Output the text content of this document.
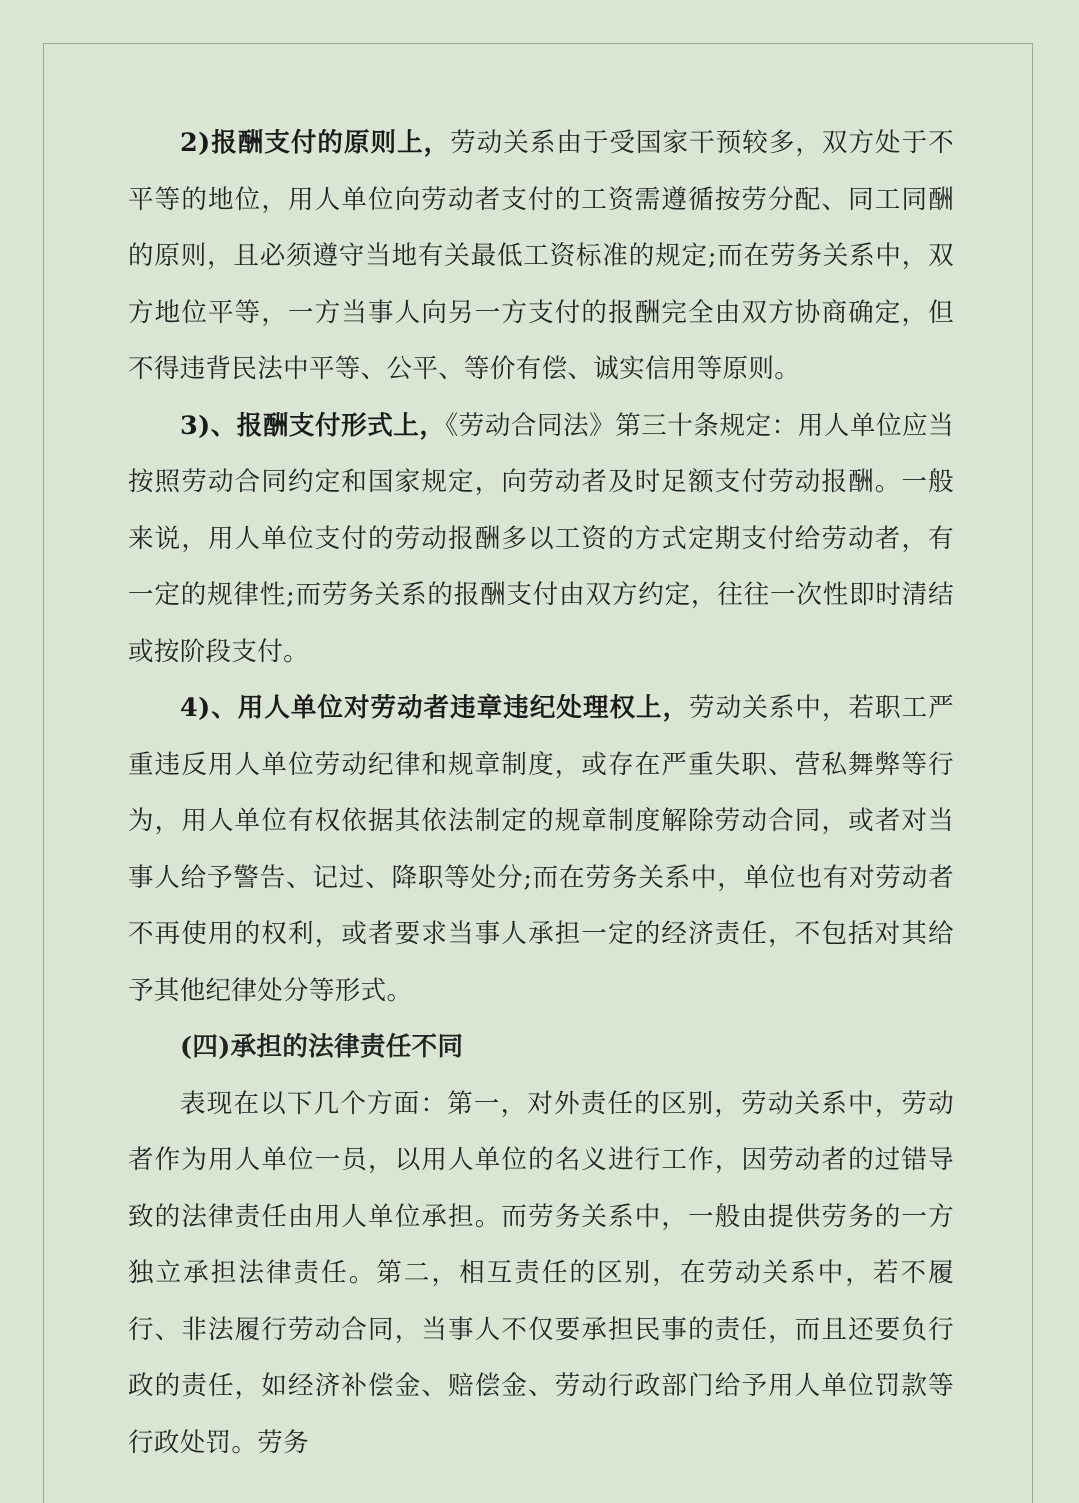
2)报酬支付的原则上，劳动关系由于受国家干预较多，双方处于不平等的地位，用人单位向劳动者支付的工资需遵循按劳分配、同工同酬的原则，且必须遵守当地有关最低工资标准的规定;而在劳务关系中，双方地位平等，一方当事人向另一方支付的报酬完全由双方协商确定，但不得违背民法中平等、公平、等价有偿、诚实信用等原则。

3)、报酬支付形式上，《劳动合同法》第三十条规定：用人单位应当按照劳动合同约定和国家规定，向劳动者及时足额支付劳动报酬。一般来说，用人单位支付的劳动报酬多以工资的方式定期支付给劳动者，有一定的规律性;而劳务关系的报酬支付由双方约定，往往一次性即时清结或按阶段支付。

4)、用人单位对劳动者违章违纪处理权上，劳动关系中，若职工严重违反用人单位劳动纪律和规章制度，或存在严重失职、营私舞弊等行为，用人单位有权依据其依法制定的规章制度解除劳动合同，或者对当事人给予警告、记过、降职等处分;而在劳务关系中，单位也有对劳动者不再使用的权利，或者要求当事人承担一定的经济责任，不包括对其给予其他纪律处分等形式。

(四)承担的法律责任不同

表现在以下几个方面：第一，对外责任的区别，劳动关系中，劳动者作为用人单位一员，以用人单位的名义进行工作，因劳动者的过错导致的法律责任由用人单位承担。而劳务关系中，一般由提供劳务的一方独立承担法律责任。第二，相互责任的区别，在劳动关系中，若不履行、非法履行劳动合同，当事人不仅要承担民事的责任，而且还要负行政的责任，如经济补偿金、赔偿金、劳动行政部门给予用人单位罚款等行政处罚。劳务
